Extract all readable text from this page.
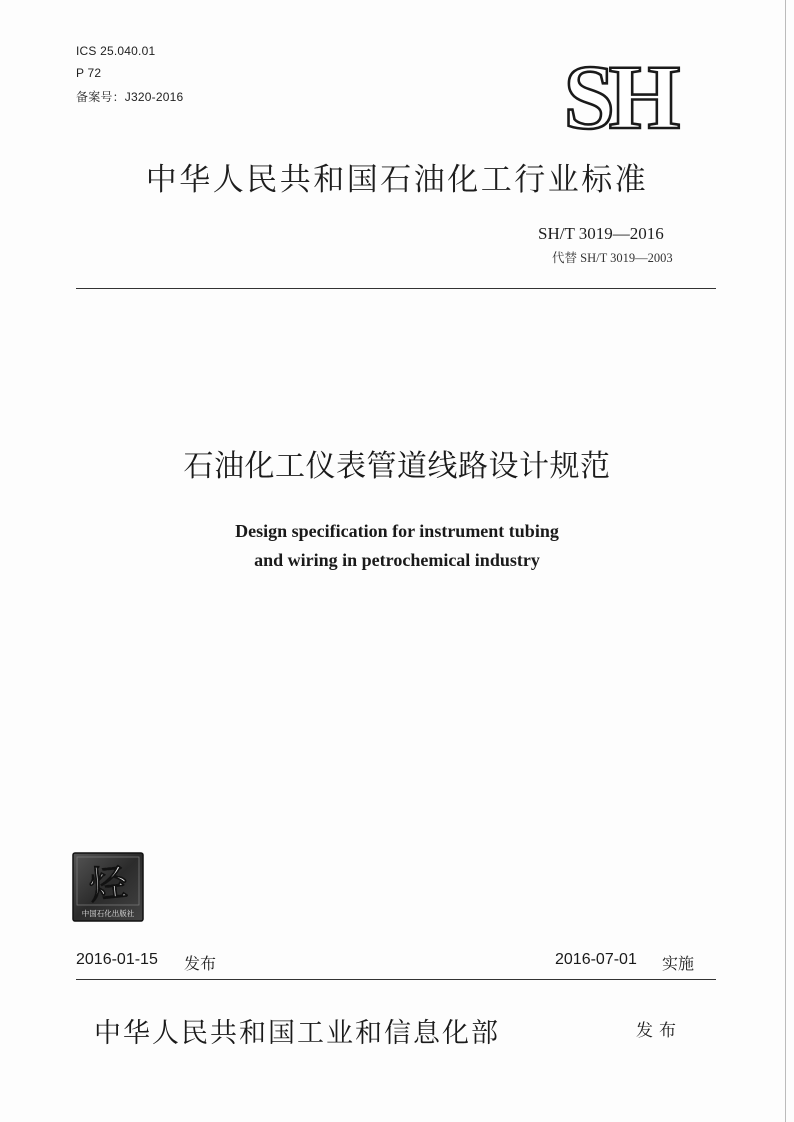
ICS 25.040.01
P 72
备案号：J320-2016	SH
中华人民共和国石油化工行业标准
SH/T 3019—2016
代替 SH/T 3019—2003
石油化工仪表管道线路设计规范
Design specification for instrument tubing
and wiring in petrochemical industry
烃
中国石化出版社
2016-01-15 发布	2016-07-01 实施
中华人民共和国工业和信息化部	发布
